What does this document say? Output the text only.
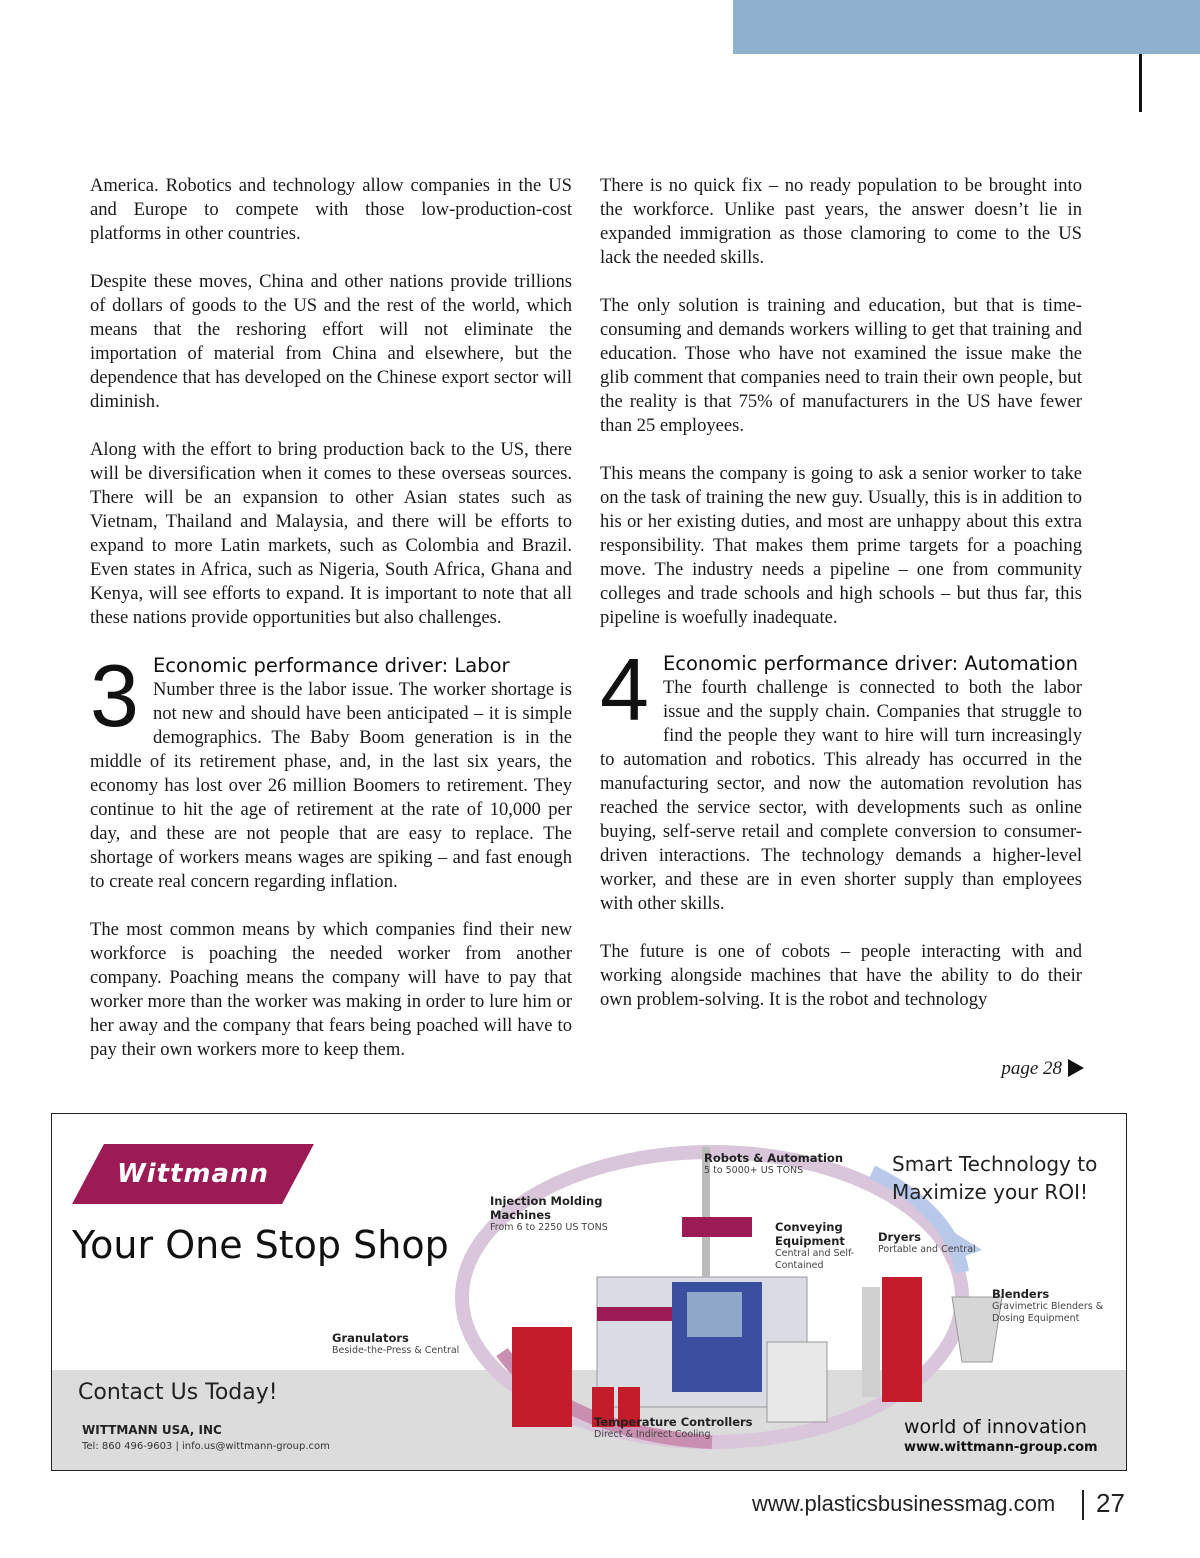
America. Robotics and technology allow companies in the US and Europe to compete with those low-production-cost platforms in other countries.

Despite these moves, China and other nations provide trillions of dollars of goods to the US and the rest of the world, which means that the reshoring effort will not eliminate the importation of material from China and elsewhere, but the dependence that has developed on the Chinese export sector will diminish.

Along with the effort to bring production back to the US, there will be diversification when it comes to these overseas sources. There will be an expansion to other Asian states such as Vietnam, Thailand and Malaysia, and there will be efforts to expand to more Latin markets, such as Colombia and Brazil. Even states in Africa, such as Nigeria, South Africa, Ghana and Kenya, will see efforts to expand. It is important to note that all these nations provide opportunities but also challenges.

3 Economic performance driver: Labor

Number three is the labor issue. The worker shortage is not new and should have been anticipated – it is simple demographics. The Baby Boom generation is in the middle of its retirement phase, and, in the last six years, the economy has lost over 26 million Boomers to retirement. They continue to hit the age of retirement at the rate of 10,000 per day, and these are not people that are easy to replace. The shortage of workers means wages are spiking – and fast enough to create real concern regarding inflation.

The most common means by which companies find their new workforce is poaching the needed worker from another company. Poaching means the company will have to pay that worker more than the worker was making in order to lure him or her away and the company that fears being poached will have to pay their own workers more to keep them.

There is no quick fix – no ready population to be brought into the workforce. Unlike past years, the answer doesn’t lie in expanded immigration as those clamoring to come to the US lack the needed skills.

The only solution is training and education, but that is time-consuming and demands workers willing to get that training and education. Those who have not examined the issue make the glib comment that companies need to train their own people, but the reality is that 75% of manufacturers in the US have fewer than 25 employees.

This means the company is going to ask a senior worker to take on the task of training the new guy. Usually, this is in addition to his or her existing duties, and most are unhappy about this extra responsibility. That makes them prime targets for a poaching move. The industry needs a pipeline – one from community colleges and trade schools and high schools – but thus far, this pipeline is woefully inadequate.

4 Economic performance driver: Automation

The fourth challenge is connected to both the labor issue and the supply chain. Companies that struggle to find the people they want to hire will turn increasingly to automation and robotics. This already has occurred in the manufacturing sector, and now the automation revolution has reached the service sector, with developments such as online buying, self-serve retail and complete conversion to consumer-driven interactions. The technology demands a higher-level worker, and these are in even shorter supply than employees with other skills.

The future is one of cobots – people interacting with and working alongside machines that have the ability to do their own problem-solving. It is the robot and technology

page 28
Wittmann
Your One Stop Shop
Injection Molding Machines
From 6 to 2250 US TONS
Robots & Automation
5 to 5000+ US TONS
Conveying Equipment
Central and Self-Contained
Dryers
Portable and Central
Blenders
Gravimetric Blenders & Dosing Equipment
Granulators
Beside-the-Press & Central
Temperature Controllers
Direct & Indirect Cooling
Smart Technology to Maximize your ROI!
Contact Us Today!
WITTMANN USA, INC
Tel: 860 496-9603 | info.us@wittmann-group.com
world of innovation
www.wittmann-group.com
www.plasticsbusinessmag.com 27
